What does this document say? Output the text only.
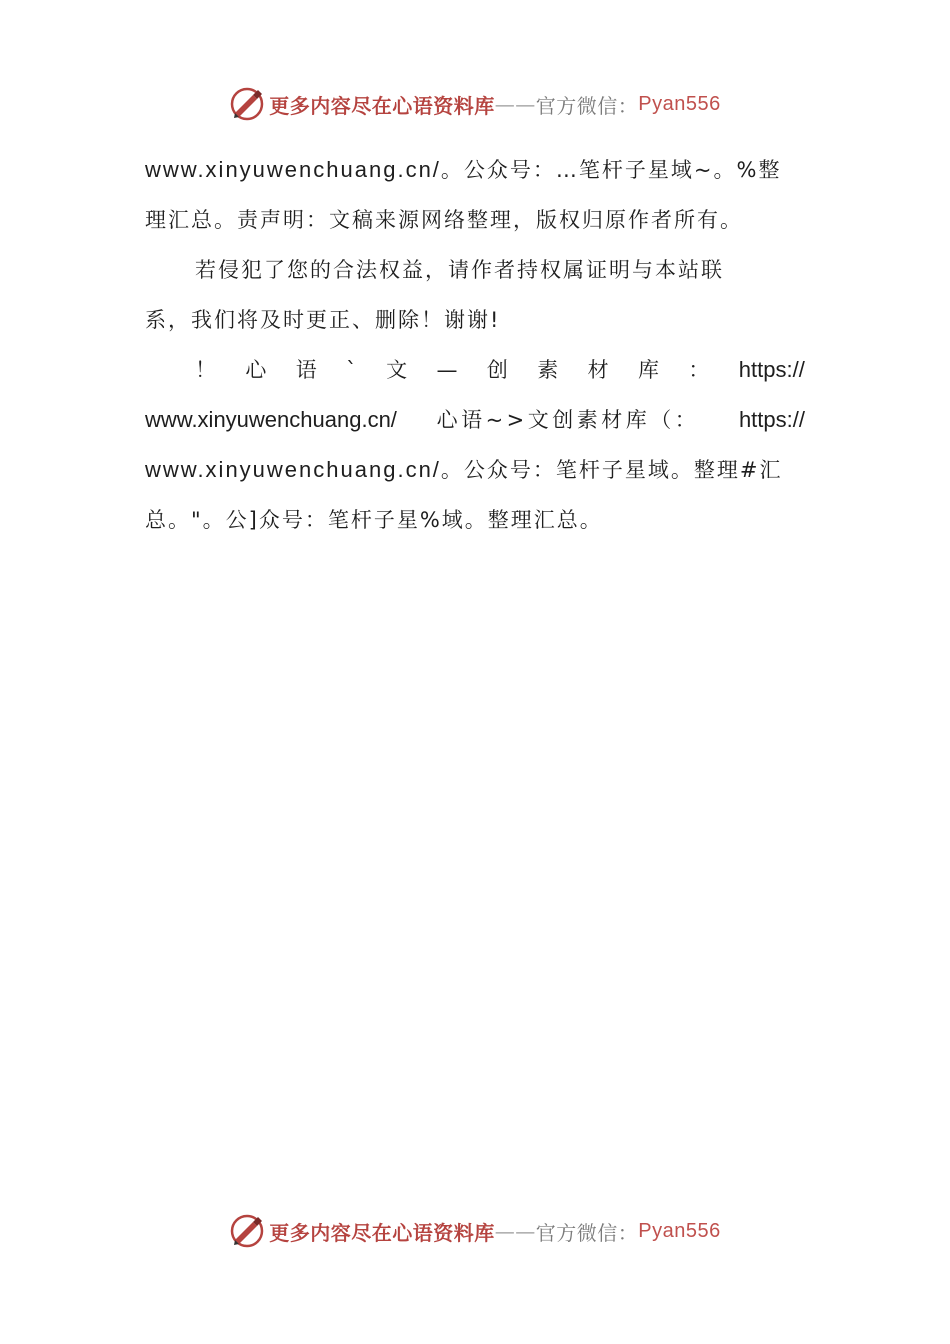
更多内容尽在心语资料库 —— 官方微信： Pyan556
www.xinyuwenchuang.cn/。公众号：…笔杆子星域~。%整
理汇总。责声明：文稿来源网络整理，版权归原作者所有。
若侵犯了您的合法权益，请作者持权属证明与本站联
系，我们将及时更正、删除！谢谢!
！ 心 语 ` 文 — 创 素 材 库 ： https://
www.xinyuwenchuang.cn/ 心语~>文创素材库（： https://
www.xinyuwenchuang.cn/。公众号：笔杆子星域。整理#汇
总。"。公]众号：笔杆子星%域。整理汇总。
更多内容尽在心语资料库 —— 官方微信： Pyan556
